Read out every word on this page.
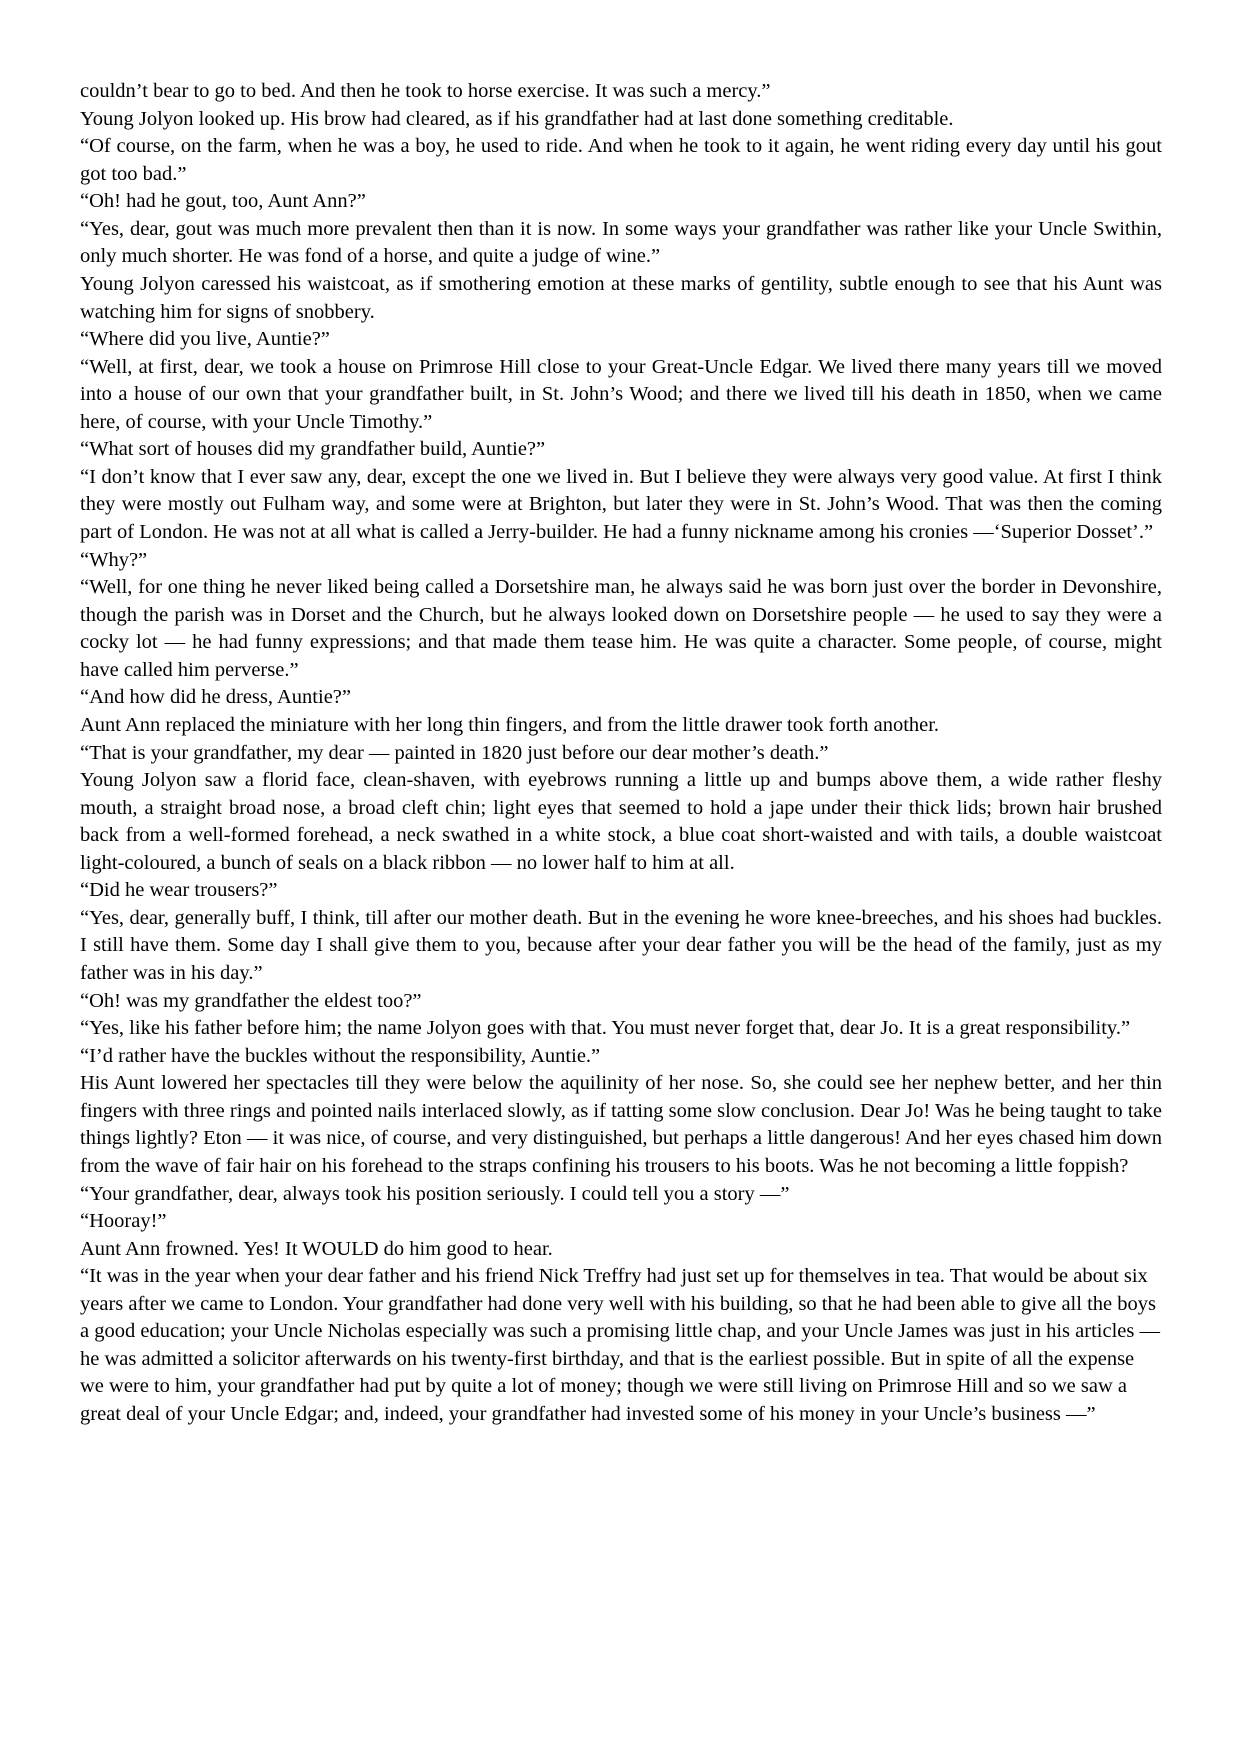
couldn’t bear to go to bed. And then he took to horse exercise. It was such a mercy.”

Young Jolyon looked up. His brow had cleared, as if his grandfather had at last done something creditable.

“Of course, on the farm, when he was a boy, he used to ride. And when he took to it again, he went riding every day until his gout got too bad.”

“Oh! had he gout, too, Aunt Ann?”

“Yes, dear, gout was much more prevalent then than it is now. In some ways your grandfather was rather like your Uncle Swithin, only much shorter. He was fond of a horse, and quite a judge of wine.”

Young Jolyon caressed his waistcoat, as if smothering emotion at these marks of gentility, subtle enough to see that his Aunt was watching him for signs of snobbery.

“Where did you live, Auntie?”

“Well, at first, dear, we took a house on Primrose Hill close to your Great-Uncle Edgar. We lived there many years till we moved into a house of our own that your grandfather built, in St. John’s Wood; and there we lived till his death in 1850, when we came here, of course, with your Uncle Timothy.”

“What sort of houses did my grandfather build, Auntie?”

“I don’t know that I ever saw any, dear, except the one we lived in. But I believe they were always very good value. At first I think they were mostly out Fulham way, and some were at Brighton, but later they were in St. John’s Wood. That was then the coming part of London. He was not at all what is called a Jerry-builder. He had a funny nickname among his cronies —‘Superior Dosset’.”

“Why?”

“Well, for one thing he never liked being called a Dorsetshire man, he always said he was born just over the border in Devonshire, though the parish was in Dorset and the Church, but he always looked down on Dorsetshire people — he used to say they were a cocky lot — he had funny expressions; and that made them tease him. He was quite a character. Some people, of course, might have called him perverse.”

“And how did he dress, Auntie?”

Aunt Ann replaced the miniature with her long thin fingers, and from the little drawer took forth another.

“That is your grandfather, my dear — painted in 1820 just before our dear mother’s death.”

Young Jolyon saw a florid face, clean-shaven, with eyebrows running a little up and bumps above them, a wide rather fleshy mouth, a straight broad nose, a broad cleft chin; light eyes that seemed to hold a jape under their thick lids; brown hair brushed back from a well-formed forehead, a neck swathed in a white stock, a blue coat short-waisted and with tails, a double waistcoat light-coloured, a bunch of seals on a black ribbon — no lower half to him at all.

“Did he wear trousers?”

“Yes, dear, generally buff, I think, till after our mother death. But in the evening he wore knee-breeches, and his shoes had buckles. I still have them. Some day I shall give them to you, because after your dear father you will be the head of the family, just as my father was in his day.”

“Oh! was my grandfather the eldest too?”

“Yes, like his father before him; the name Jolyon goes with that. You must never forget that, dear Jo. It is a great responsibility.”

“I’d rather have the buckles without the responsibility, Auntie.”

His Aunt lowered her spectacles till they were below the aquilinity of her nose. So, she could see her nephew better, and her thin fingers with three rings and pointed nails interlaced slowly, as if tatting some slow conclusion. Dear Jo! Was he being taught to take things lightly? Eton — it was nice, of course, and very distinguished, but perhaps a little dangerous! And her eyes chased him down from the wave of fair hair on his forehead to the straps confining his trousers to his boots. Was he not becoming a little foppish?

“Your grandfather, dear, always took his position seriously. I could tell you a story —”

“Hooray!”

Aunt Ann frowned. Yes! It WOULD do him good to hear.

“It was in the year when your dear father and his friend Nick Treffry had just set up for themselves in tea. That would be about six years after we came to London. Your grandfather had done very well with his building, so that he had been able to give all the boys a good education; your Uncle Nicholas especially was such a promising little chap, and your Uncle James was just in his articles — he was admitted a solicitor afterwards on his twenty-first birthday, and that is the earliest possible. But in spite of all the expense we were to him, your grandfather had put by quite a lot of money; though we were still living on Primrose Hill and so we saw a great deal of your Uncle Edgar; and, indeed, your grandfather had invested some of his money in your Uncle’s business —”
